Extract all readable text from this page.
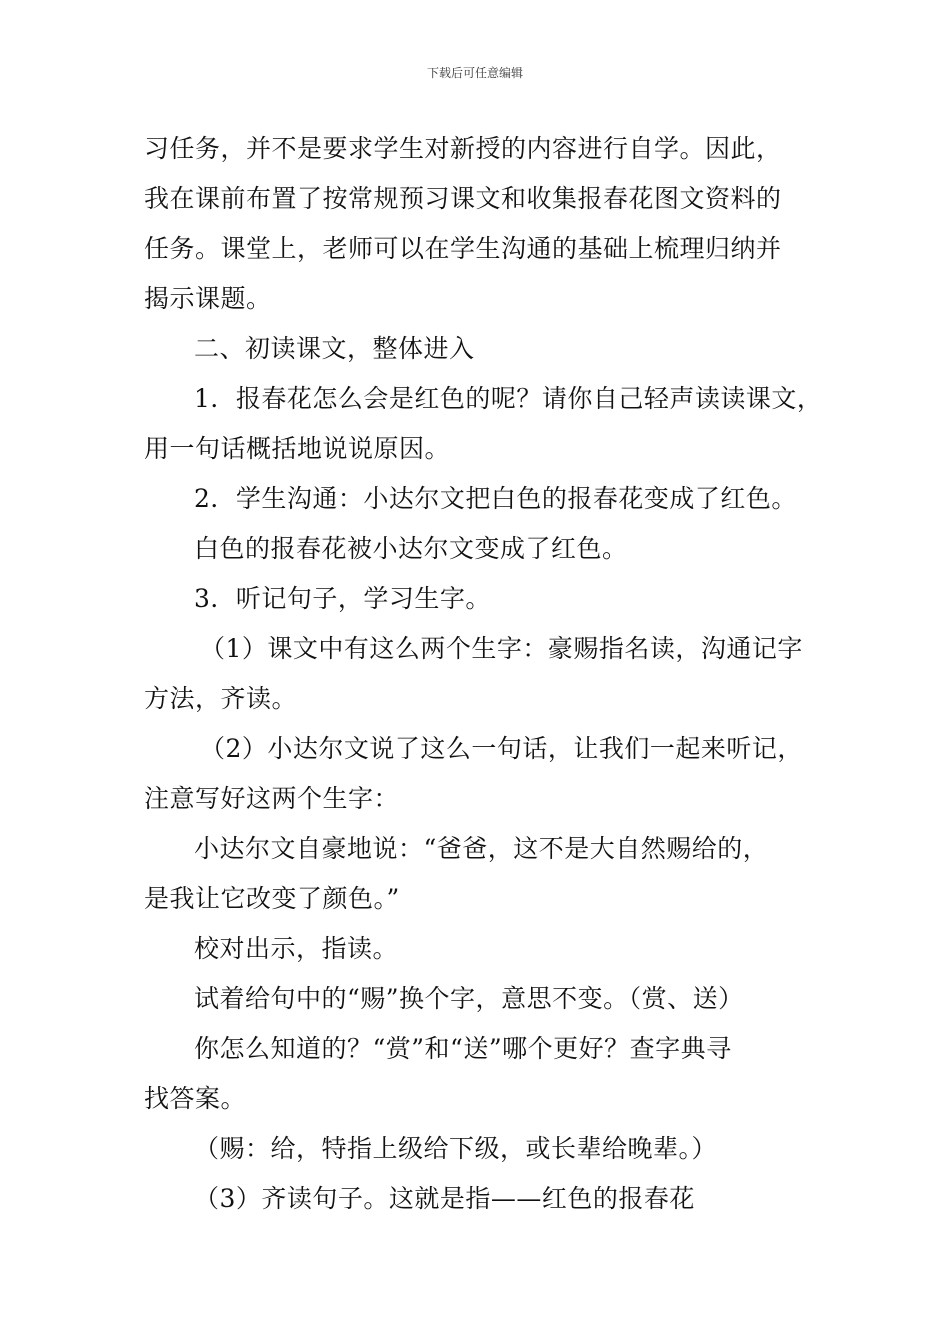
下载后可任意编辑
习任务，并不是要求学生对新授的内容进行自学。因此，
我在课前布置了按常规预习课文和收集报春花图文资料的
任务。课堂上，老师可以在学生沟通的基础上梳理归纳并
揭示课题。
二、初读课文，整体进入
1．报春花怎么会是红色的呢？请你自己轻声读读课文，
用一句话概括地说说原因。
2．学生沟通：小达尔文把白色的报春花变成了红色。
白色的报春花被小达尔文变成了红色。
3．听记句子，学习生字。
（1）课文中有这么两个生字：豪赐指名读，沟通记字
方法，齐读。
（2）小达尔文说了这么一句话，让我们一起来听记，
注意写好这两个生字：
小达尔文自豪地说：“爸爸，这不是大自然赐给的，
是我让它改变了颜色。”
校对出示，指读。
试着给句中的“赐”换个字，意思不变。（赏、送）
你怎么知道的？“赏”和“送”哪个更好？查字典寻
找答案。
（赐：给，特指上级给下级，或长辈给晚辈。）
（3）齐读句子。这就是指——红色的报春花
